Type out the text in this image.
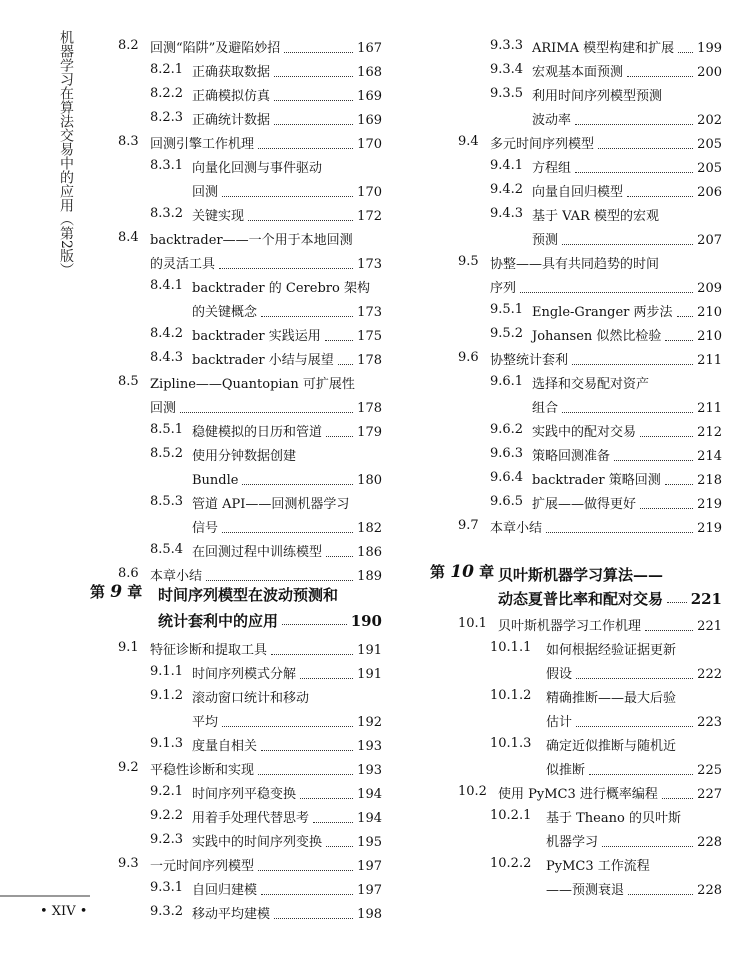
机器学习在算法交易中的应用（第2版）	8.2 回测“陷阱”及避陷妙招	167
8.2.1 正确获取数据	168
8.2.2 正确模拟仿真	169
8.2.3 正确统计数据	169
8.3 回测引擎工作机理	170
8.3.1 向量化回测与事件驱动
回测	170
8.3.2 关键实现	172
8.4 backtrader——一个用于本地回测
的灵活工具	173
8.4.1 backtrader 的 Cerebro 架构
的关键概念	173
8.4.2 backtrader 实践运用	175
8.4.3 backtrader 小结与展望 178
8.5 Zipline——Quantopian 可扩展性
回测	178
8.5.1 稳健模拟的日历和管道	179
8.5.2 使用分钟数据创建
Bundle	180
8.5.3 管道 API——回测机器学习
信号	182
8.5.4 在回测过程中训练模型	186
8.6 本章小结	189
第 9 章 时间序列模型在波动预测和
统计套利中的应用	190
9.1 特征诊断和提取工具	191
9.1.1 时间序列模式分解	191
9.1.2 滚动窗口统计和移动
平均	192
9.1.3 度量自相关	193
9.2 平稳性诊断和实现	193
9.2.1 时间序列平稳变换	194
9.2.2 用着手处理代替思考	194
9.2.3 实践中的时间序列变换	195
9.3 一元时间序列模型	197
9.3.1 自回归建模	197
9.3.2 移动平均建模	198
9.3.3 ARIMA 模型构建和扩展 199
9.3.4 宏观基本面预测	200
9.3.5 利用时间序列模型预测
波动率	202
9.4 多元时间序列模型	205
9.4.1 方程组	205
9.4.2 向量自回归模型	206
9.4.3 基于 VAR 模型的宏观
预测	207
9.5 协整——具有共同趋势的时间
序列	209
9.5.1 Engle-Granger 两步法 210
9.5.2 Johansen 似然比检验	210
9.6 协整统计套利	211
9.6.1 选择和交易配对资产
组合	211
9.6.2 实践中的配对交易	212
9.6.3 策略回测准备	214
9.6.4 backtrader 策略回测	218
9.6.5 扩展——做得更好	219
9.7 本章小结	219
第 10 章 贝叶斯机器学习算法——
动态夏普比率和配对交易 221
10.1 贝叶斯机器学习工作机理	221
10.1.1 如何根据经验证据更新
假设	222
10.1.2 精确推断——最大后验
估计	223
10.1.3 确定近似推断与随机近
似推断	225
10.2 使用 PyMC3 进行概率编程	227
10.2.1 基于 Theano 的贝叶斯
机器学习	228
10.2.2 PyMC3 工作流程
——预测衰退	228
• XIV •
